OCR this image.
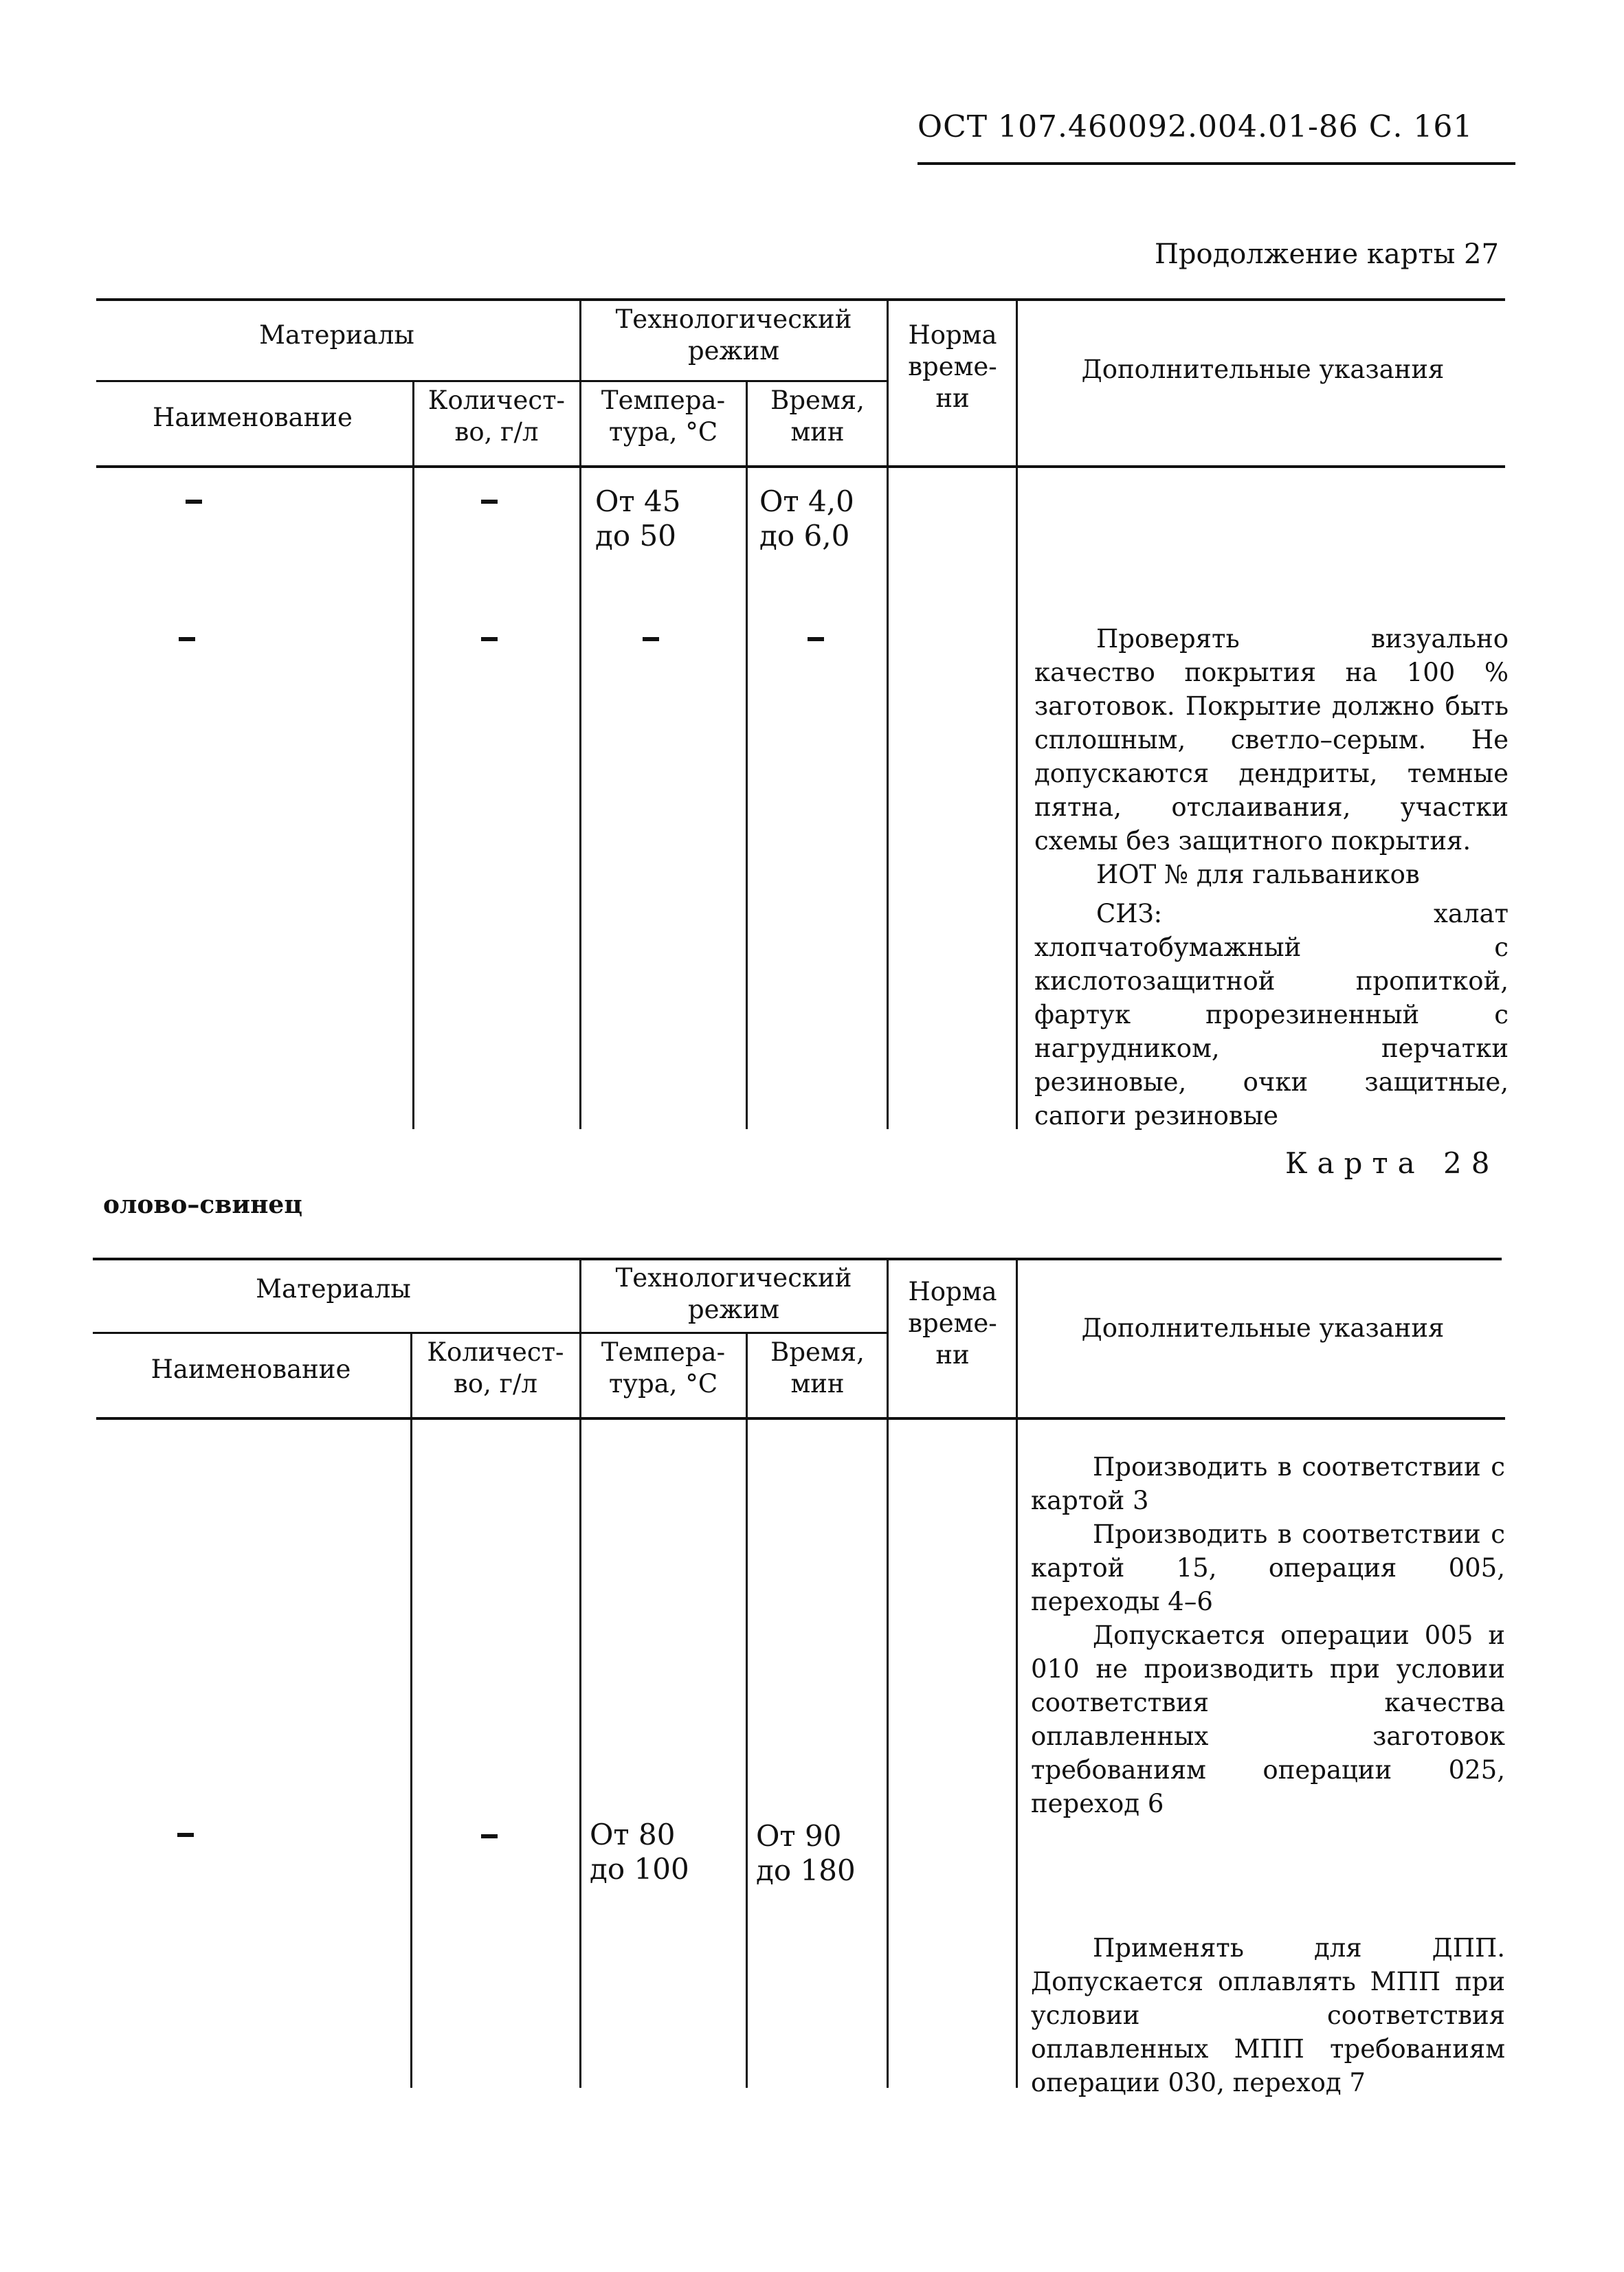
ОСТ 107.460092.004.01-86 С. 161
Продолжение карты 27
Материалы
Технологический режим
Норма време-ни
Дополнительные указания
Наименование
Количест-во, г/л
Темпера-тура, °С
Время, мин
От 45
до 50
От 4,0
до 6,0

Проверять визуально качество покрытия на 100 % заготовок. Покрытие должно быть сплошным, светло–серым. Не допускаются дендриты, темные пятна, отслаивания, участки схемы без защитного покрытия.

ИОТ № для гальваников

СИЗ: халат хлопчатобумажный с кислотозащитной пропиткой, фартук прорезиненный с нагрудником, перчатки резиновые, очки защитные, сапоги резиновые

Карта 28
олово–свинец
Материалы	Технологический режим
Норма време-ни
Дополнительные указания
Наименование
Количест-во, г/л
Темпера-тура, °С
Время, мин

Производить в соответствии с картой 3

Производить в соответствии с картой 15, операция 005, переходы 4–6

Допускается операции 005 и 010 не производить при условии соответствия качества оплавленных заготовок требованиям операции 025, переход 6

От 80
до 100
От 90
до 180

Применять для ДПП. Допускается оплавлять МПП при условии соответствия оплавленных МПП требованиям операции 030, переход 7
